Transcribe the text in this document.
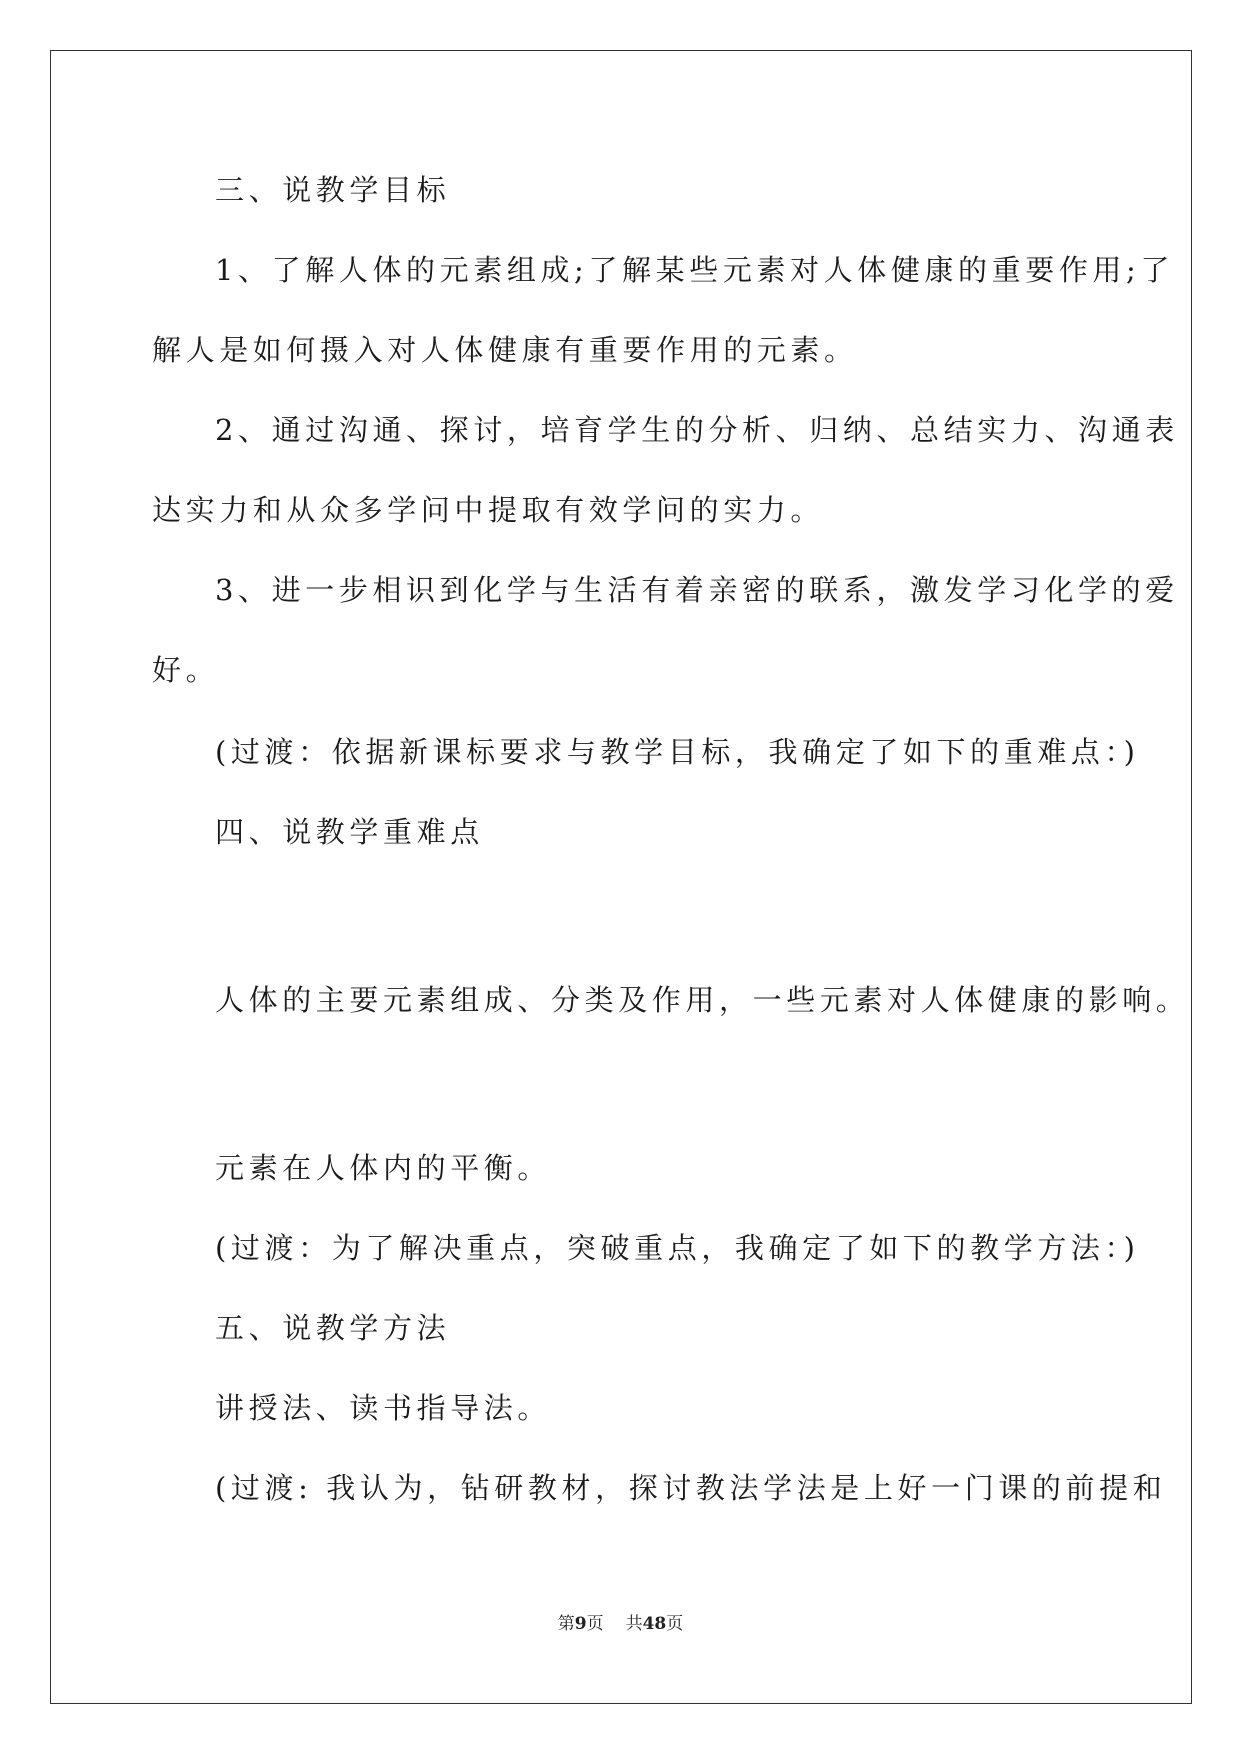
三、说教学目标
1、了解人体的元素组成;了解某些元素对人体健康的重要作用;了
解人是如何摄入对人体健康有重要作用的元素。
2、通过沟通、探讨，培育学生的分析、归纳、总结实力、沟通表
达实力和从众多学问中提取有效学问的实力。
3、进一步相识到化学与生活有着亲密的联系，激发学习化学的爱
好。
(过渡：依据新课标要求与教学目标，我确定了如下的重难点：)
四、说教学重难点
人体的主要元素组成、分类及作用，一些元素对人体健康的影响。
元素在人体内的平衡。
(过渡：为了解决重点，突破重点，我确定了如下的教学方法：)
五、说教学方法
讲授法、读书指导法。
(过渡: 我认为，钻研教材，探讨教法学法是上好一门课的前提和
第9页 共48页
